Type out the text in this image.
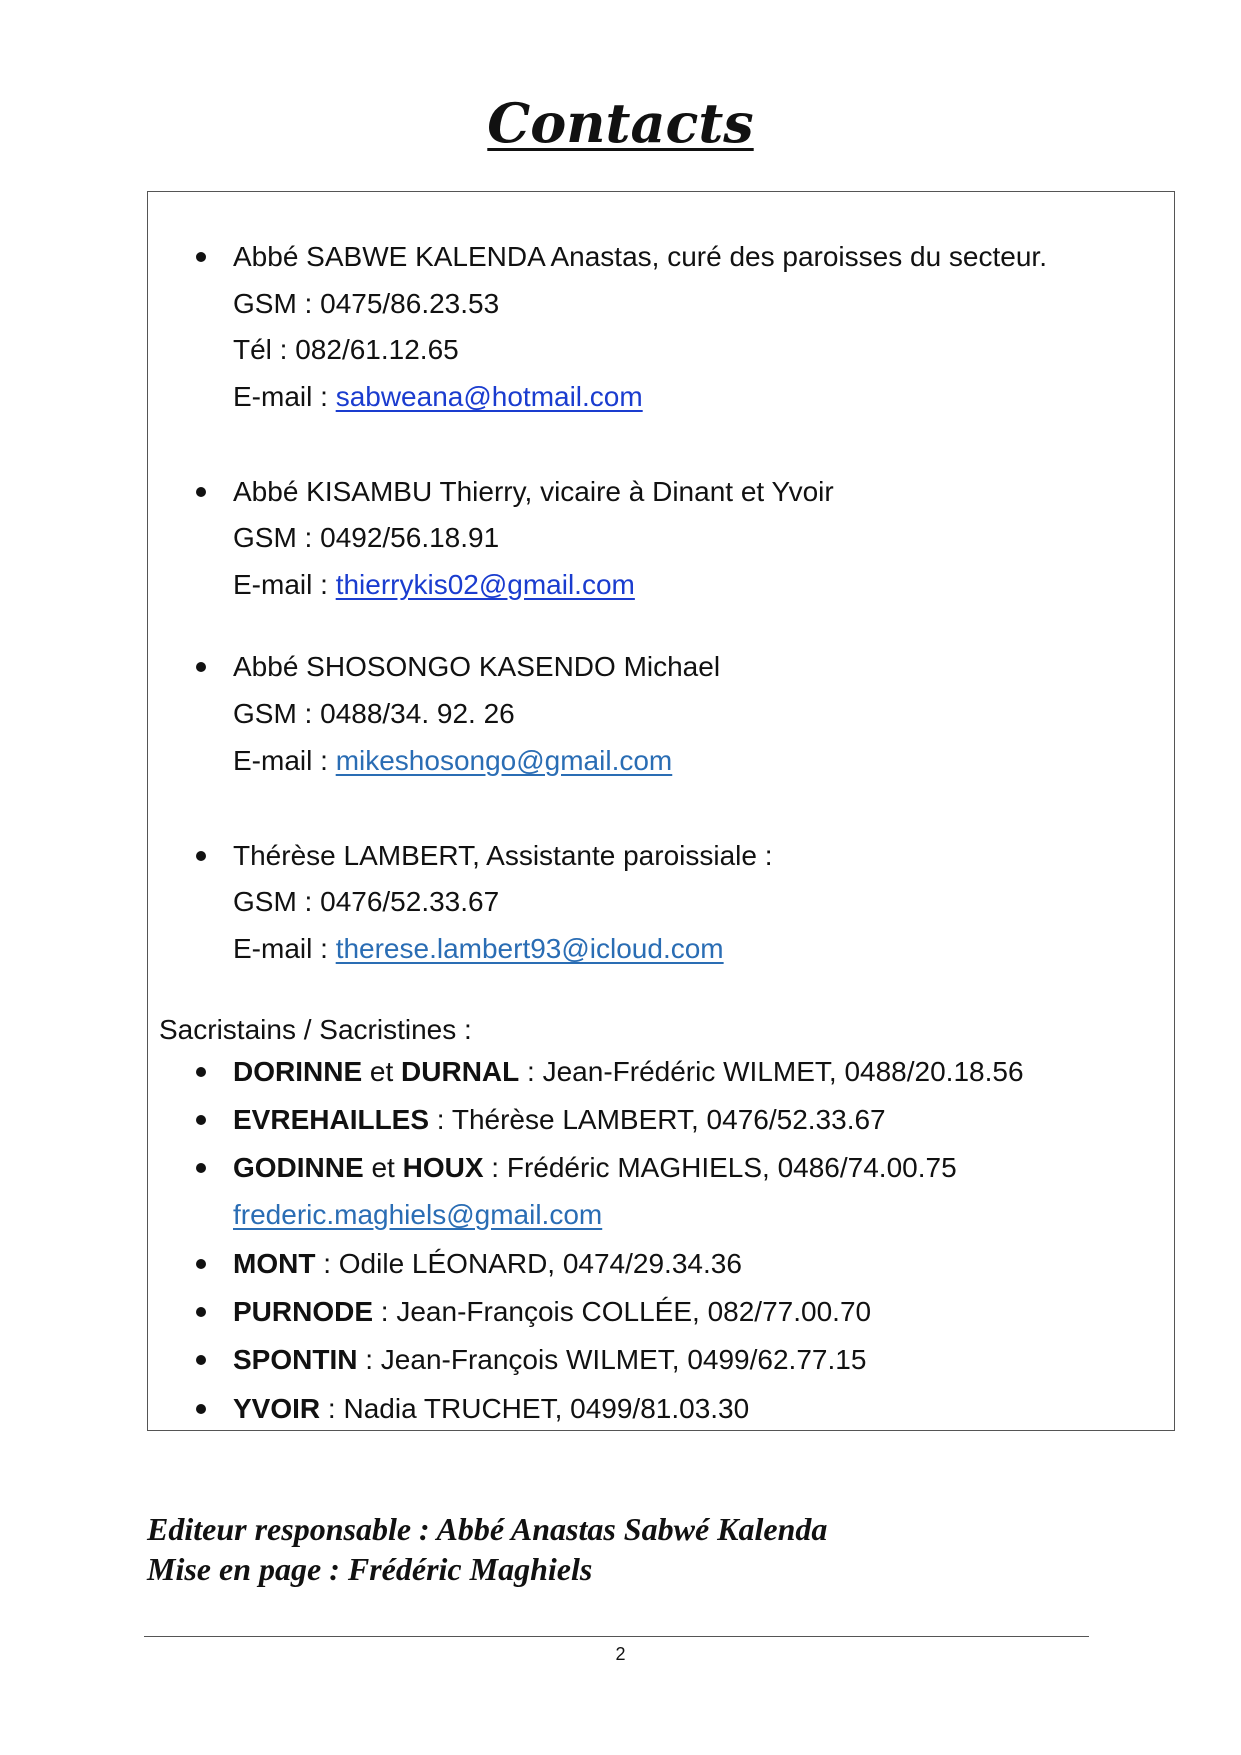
Contacts
Abbé SABWE KALENDA Anastas, curé des paroisses du secteur.
GSM : 0475/86.23.53
Tél : 082/61.12.65
E-mail : sabweana@hotmail.com
Abbé KISAMBU Thierry, vicaire à Dinant et Yvoir
GSM : 0492/56.18.91
E-mail : thierrykis02@gmail.com
Abbé SHOSONGO KASENDO Michael
GSM : 0488/34. 92. 26
E-mail : mikeshosongo@gmail.com
Thérèse LAMBERT, Assistante paroissiale :
GSM : 0476/52.33.67
E-mail : therese.lambert93@icloud.com
Sacristains / Sacristines :
DORINNE et DURNAL : Jean-Frédéric WILMET, 0488/20.18.56
EVREHAILLES : Thérèse LAMBERT, 0476/52.33.67
GODINNE et HOUX : Frédéric MAGHIELS, 0486/74.00.75
frederic.maghiels@gmail.com
MONT : Odile LÉONARD, 0474/29.34.36
PURNODE : Jean-François COLLÉE, 082/77.00.70
SPONTIN : Jean-François WILMET, 0499/62.77.15
YVOIR : Nadia TRUCHET, 0499/81.03.30
Editeur responsable : Abbé Anastas Sabwé Kalenda
Mise en page : Frédéric Maghiels
2
